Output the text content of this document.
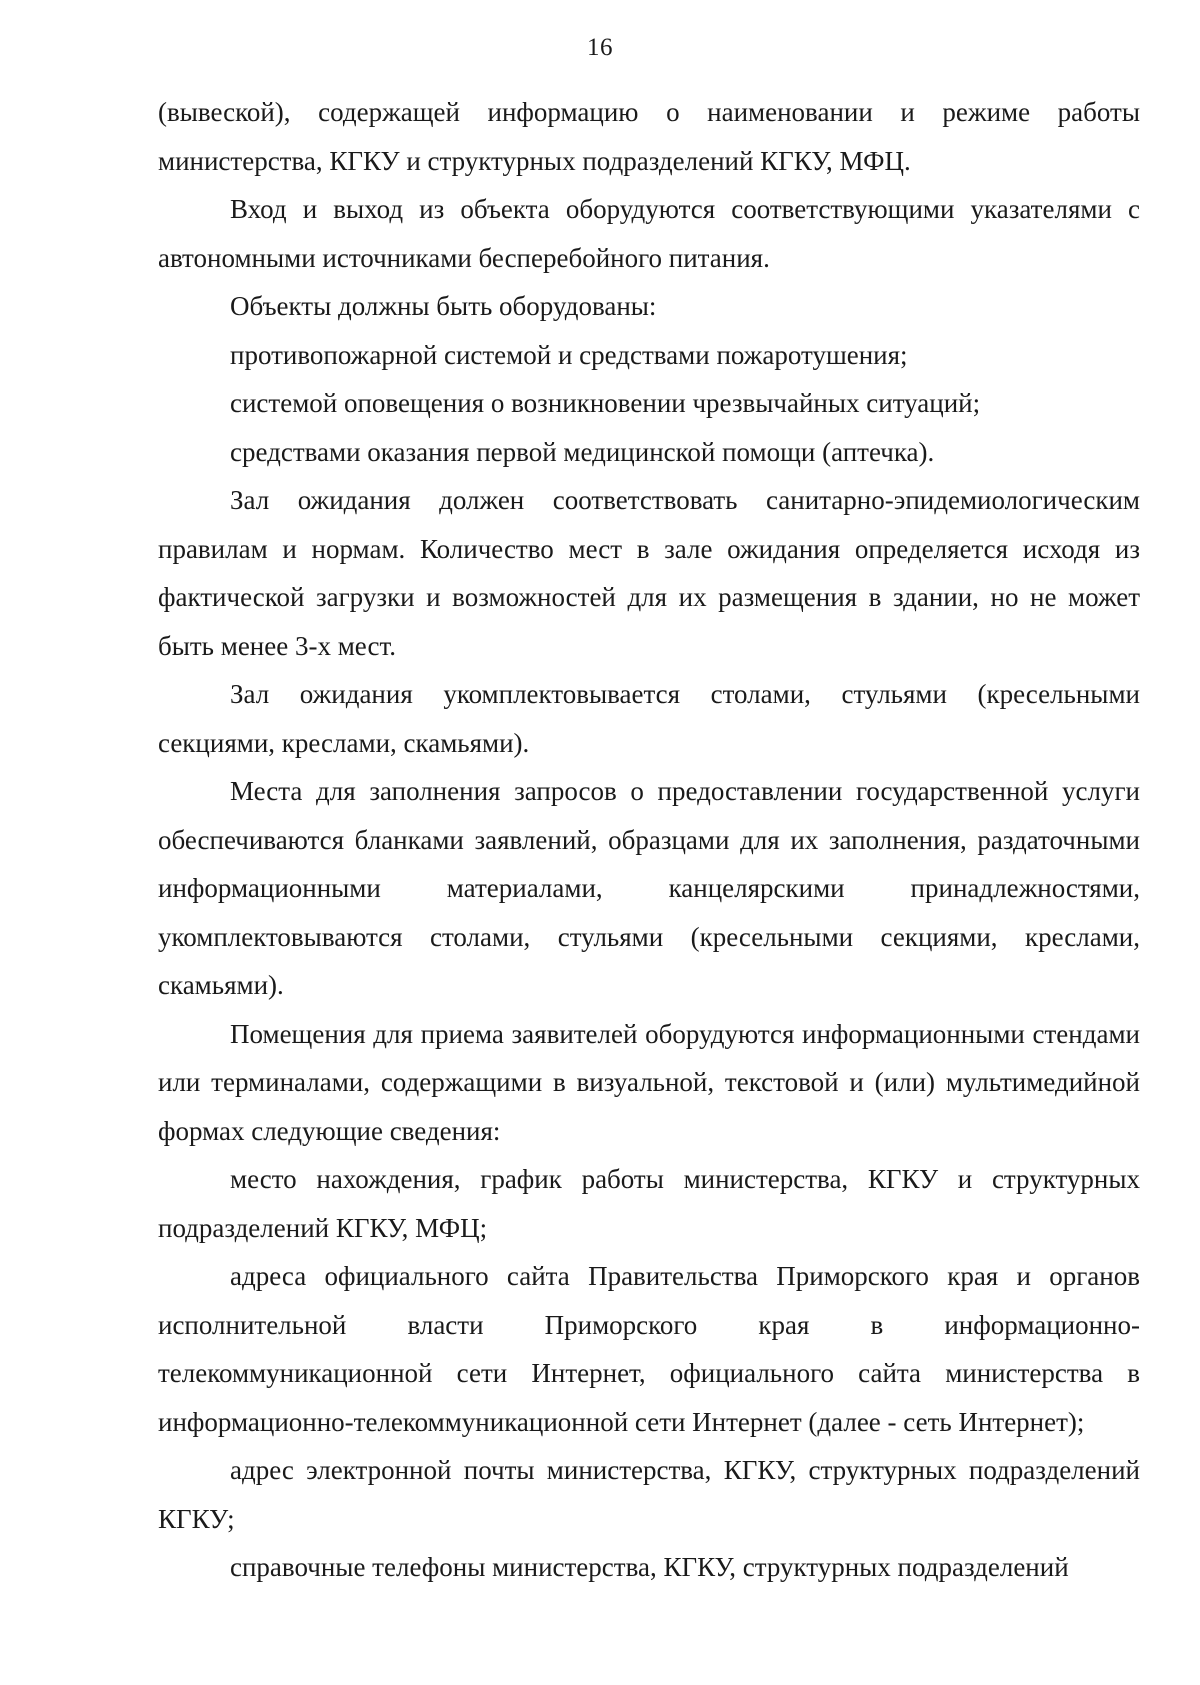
16

(вывеской), содержащей информацию о наименовании и режиме работы министерства, КГКУ и структурных подразделений КГКУ, МФЦ.

Вход и выход из объекта оборудуются соответствующими указателями с автономными источниками бесперебойного питания.

Объекты должны быть оборудованы:

противопожарной системой и средствами пожаротушения;

системой оповещения о возникновении чрезвычайных ситуаций;

средствами оказания первой медицинской помощи (аптечка).

Зал ожидания должен соответствовать санитарно-эпидемиологическим правилам и нормам. Количество мест в зале ожидания определяется исходя из фактической загрузки и возможностей для их размещения в здании, но не может быть менее 3-х мест.

Зал ожидания укомплектовывается столами, стульями (кресельными секциями, креслами, скамьями).

Места для заполнения запросов о предоставлении государственной услуги обеспечиваются бланками заявлений, образцами для их заполнения, раздаточными информационными материалами, канцелярскими принадлежностями, укомплектовываются столами, стульями (кресельными секциями, креслами, скамьями).

Помещения для приема заявителей оборудуются информационными стендами или терминалами, содержащими в визуальной, текстовой и (или) мультимедийной формах следующие сведения:

место нахождения, график работы министерства, КГКУ и структурных подразделений КГКУ, МФЦ;

адреса официального сайта Правительства Приморского края и органов исполнительной власти Приморского края в информационно-телекоммуникационной сети Интернет, официального сайта министерства в информационно-телекоммуникационной сети Интернет (далее - сеть Интернет);

адрес электронной почты министерства, КГКУ, структурных подразделений КГКУ;

справочные телефоны министерства, КГКУ, структурных подразделений
